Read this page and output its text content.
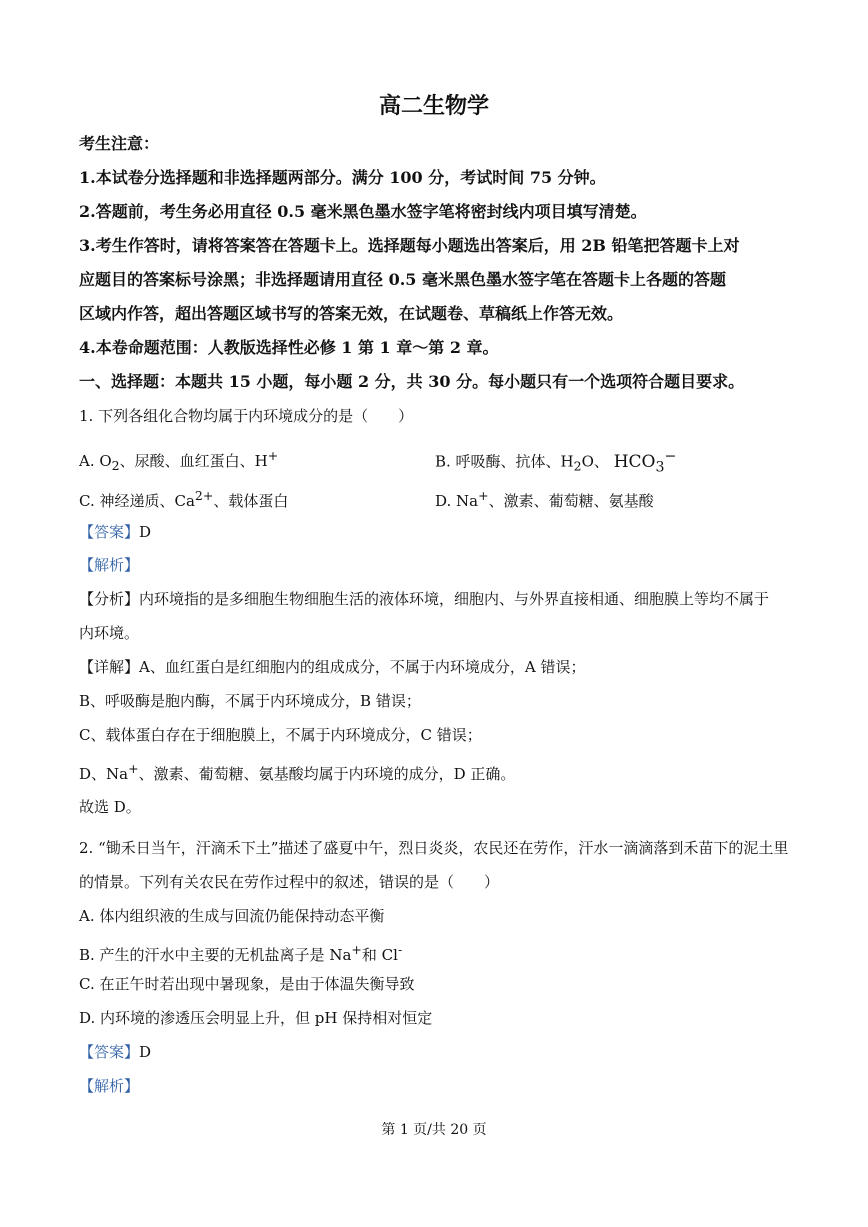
高二生物学
考生注意：
1.本试卷分选择题和非选择题两部分。满分 100 分，考试时间 75 分钟。
2.答题前，考生务必用直径 0.5 毫米黑色墨水签字笔将密封线内项目填写清楚。
3.考生作答时，请将答案答在答题卡上。选择题每小题选出答案后，用 2B 铅笔把答题卡上对
应题目的答案标号涂黑；非选择题请用直径 0.5 毫米黑色墨水签字笔在答题卡上各题的答题
区域内作答，超出答题区域书写的答案无效，在试题卷、草稿纸上作答无效。
4.本卷命题范围：人教版选择性必修 1 第 1 章～第 2 章。
一、选择题：本题共 15 小题，每小题 2 分，共 30 分。每小题只有一个选项符合题目要求。
1. 下列各组化合物均属于内环境成分的是（　　）
A. $O_2$、尿酸、血红蛋白、H+	B. 呼吸酶、抗体、$H_2O$、 $HCO_3^-$
C. 神经递质、$Ca^{2+}$、载体蛋白	D. Na+、激素、葡萄糖、氨基酸
【答案】D
【解析】
【分析】内环境指的是多细胞生物细胞生活的液体环境，细胞内、与外界直接相通、细胞膜上等均不属于
内环境。
【详解】A、血红蛋白是红细胞内的组成成分，不属于内环境成分，A 错误；
B、呼吸酶是胞内酶，不属于内环境成分，B 错误；
C、载体蛋白存在于细胞膜上，不属于内环境成分，C 错误；
D、Na+、激素、葡萄糖、氨基酸均属于内环境的成分，D 正确。
故选 D。
2. “锄禾日当午，汗滴禾下土”描述了盛夏中午，烈日炎炎，农民还在劳作，汗水一滴滴落到禾苗下的泥土里
的情景。下列有关农民在劳作过程中的叙述，错误的是（　　）
A. 体内组织液的生成与回流仍能保持动态平衡
B. 产生的汗水中主要的无机盐离子是 Na+和 Cl-
C. 在正午时若出现中暑现象，是由于体温失衡导致
D. 内环境的渗透压会明显上升，但 pH 保持相对恒定
【答案】D
【解析】
第 1 页/共 20 页
